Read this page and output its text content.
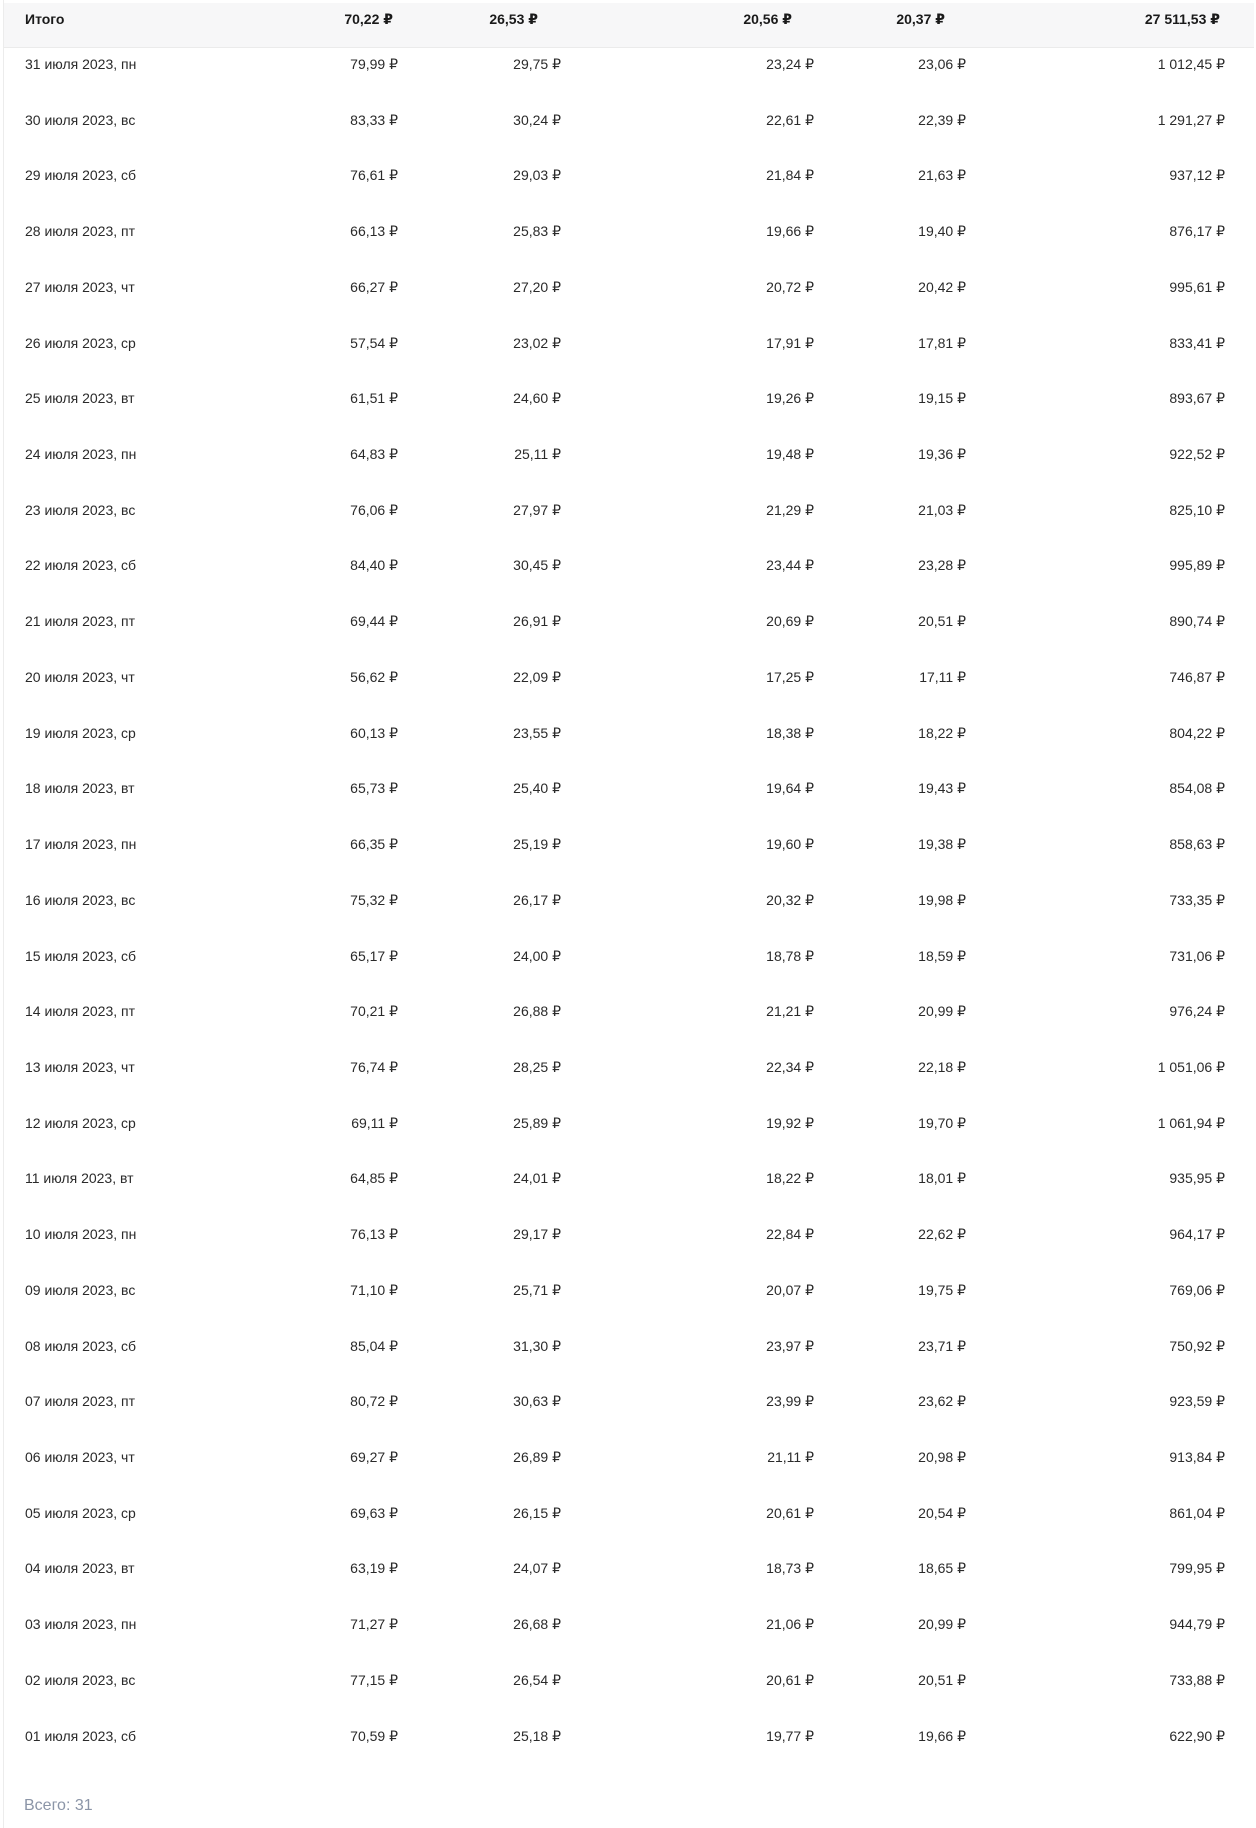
Итого	70,22 ₽	26,53 ₽	20,56 ₽	20,37 ₽	27 511,53 ₽
31 июля 2023, пн	79,99 ₽	29,75 ₽	23,24 ₽	23,06 ₽	1 012,45 ₽
30 июля 2023, вс	83,33 ₽	30,24 ₽	22,61 ₽	22,39 ₽	1 291,27 ₽
29 июля 2023, сб	76,61 ₽	29,03 ₽	21,84 ₽	21,63 ₽	937,12 ₽
28 июля 2023, пт	66,13 ₽	25,83 ₽	19,66 ₽	19,40 ₽	876,17 ₽
27 июля 2023, чт	66,27 ₽	27,20 ₽	20,72 ₽	20,42 ₽	995,61 ₽
26 июля 2023, ср	57,54 ₽	23,02 ₽	17,91 ₽	17,81 ₽	833,41 ₽
25 июля 2023, вт	61,51 ₽	24,60 ₽	19,26 ₽	19,15 ₽	893,67 ₽
24 июля 2023, пн	64,83 ₽	25,11 ₽	19,48 ₽	19,36 ₽	922,52 ₽
23 июля 2023, вс	76,06 ₽	27,97 ₽	21,29 ₽	21,03 ₽	825,10 ₽
22 июля 2023, сб	84,40 ₽	30,45 ₽	23,44 ₽	23,28 ₽	995,89 ₽
21 июля 2023, пт	69,44 ₽	26,91 ₽	20,69 ₽	20,51 ₽	890,74 ₽
20 июля 2023, чт	56,62 ₽	22,09 ₽	17,25 ₽	17,11 ₽	746,87 ₽
19 июля 2023, ср	60,13 ₽	23,55 ₽	18,38 ₽	18,22 ₽	804,22 ₽
18 июля 2023, вт	65,73 ₽	25,40 ₽	19,64 ₽	19,43 ₽	854,08 ₽
17 июля 2023, пн	66,35 ₽	25,19 ₽	19,60 ₽	19,38 ₽	858,63 ₽
16 июля 2023, вс	75,32 ₽	26,17 ₽	20,32 ₽	19,98 ₽	733,35 ₽
15 июля 2023, сб	65,17 ₽	24,00 ₽	18,78 ₽	18,59 ₽	731,06 ₽
14 июля 2023, пт	70,21 ₽	26,88 ₽	21,21 ₽	20,99 ₽	976,24 ₽
13 июля 2023, чт	76,74 ₽	28,25 ₽	22,34 ₽	22,18 ₽	1 051,06 ₽
12 июля 2023, ср	69,11 ₽	25,89 ₽	19,92 ₽	19,70 ₽	1 061,94 ₽
11 июля 2023, вт	64,85 ₽	24,01 ₽	18,22 ₽	18,01 ₽	935,95 ₽
10 июля 2023, пн	76,13 ₽	29,17 ₽	22,84 ₽	22,62 ₽	964,17 ₽
09 июля 2023, вс	71,10 ₽	25,71 ₽	20,07 ₽	19,75 ₽	769,06 ₽
08 июля 2023, сб	85,04 ₽	31,30 ₽	23,97 ₽	23,71 ₽	750,92 ₽
07 июля 2023, пт	80,72 ₽	30,63 ₽	23,99 ₽	23,62 ₽	923,59 ₽
06 июля 2023, чт	69,27 ₽	26,89 ₽	21,11 ₽	20,98 ₽	913,84 ₽
05 июля 2023, ср	69,63 ₽	26,15 ₽	20,61 ₽	20,54 ₽	861,04 ₽
04 июля 2023, вт	63,19 ₽	24,07 ₽	18,73 ₽	18,65 ₽	799,95 ₽
03 июля 2023, пн	71,27 ₽	26,68 ₽	21,06 ₽	20,99 ₽	944,79 ₽
02 июля 2023, вс	77,15 ₽	26,54 ₽	20,61 ₽	20,51 ₽	733,88 ₽
01 июля 2023, сб	70,59 ₽	25,18 ₽	19,77 ₽	19,66 ₽	622,90 ₽
Всего: 31
